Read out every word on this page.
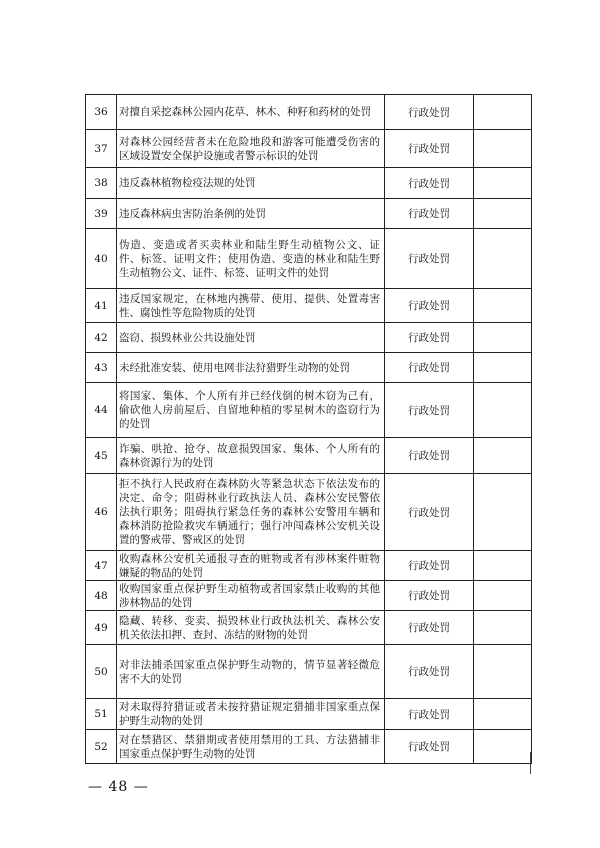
36	对擅自采挖森林公园内花草、林木、种籽和药材的处罚	行政处罚	
37	对森林公园经营者未在危险地段和游客可能遭受伤害的区域设置安全保护设施或者警示标识的处罚	行政处罚	
38	违反森林植物检疫法规的处罚	行政处罚	
39	违反森林病虫害防治条例的处罚	行政处罚	
40	伪造、变造或者买卖林业和陆生野生动植物公文、证件、标签、证明文件；使用伪造、变造的林业和陆生野生动植物公文、证件、标签、证明文件的处罚	行政处罚	
41	违反国家规定，在林地内携带、使用、提供、处置毒害性、腐蚀性等危险物质的处罚	行政处罚	
42	盗窃、损毁林业公共设施处罚	行政处罚	
43	未经批准安装、使用电网非法狩猎野生动物的处罚	行政处罚	
44	将国家、集体、个人所有并已经伐倒的树木窃为己有，偷砍他人房前屋后、自留地种植的零星树木的盗窃行为的处罚	行政处罚	
45	诈骗、哄抢、抢夺、故意损毁国家、集体、个人所有的森林资源行为的处罚	行政处罚	
46	拒不执行人民政府在森林防火等紧急状态下依法发布的决定、命令；阻碍林业行政执法人员、森林公安民警依法执行职务；阻碍执行紧急任务的森林公安警用车辆和森林消防抢险救灾车辆通行；强行冲闯森林公安机关设置的警戒带、警戒区的处罚	行政处罚	
47	收购森林公安机关通报寻查的赃物或者有涉林案件赃物嫌疑的物品的处罚	行政处罚	
48	收购国家重点保护野生动植物或者国家禁止收购的其他涉林物品的处罚	行政处罚	
49	隐藏、转移、变卖、损毁林业行政执法机关、森林公安机关依法扣押、查封、冻结的财物的处罚	行政处罚	
50	对非法捕杀国家重点保护野生动物的，情节显著轻微危害不大的处罚	行政处罚	
51	对未取得狩猎证或者未按狩猎证规定猎捕非国家重点保护野生动物的处罚	行政处罚	
52	对在禁猎区、禁猎期或者使用禁用的工具、方法猎捕非国家重点保护野生动物的处罚	行政处罚	
— 48 —
